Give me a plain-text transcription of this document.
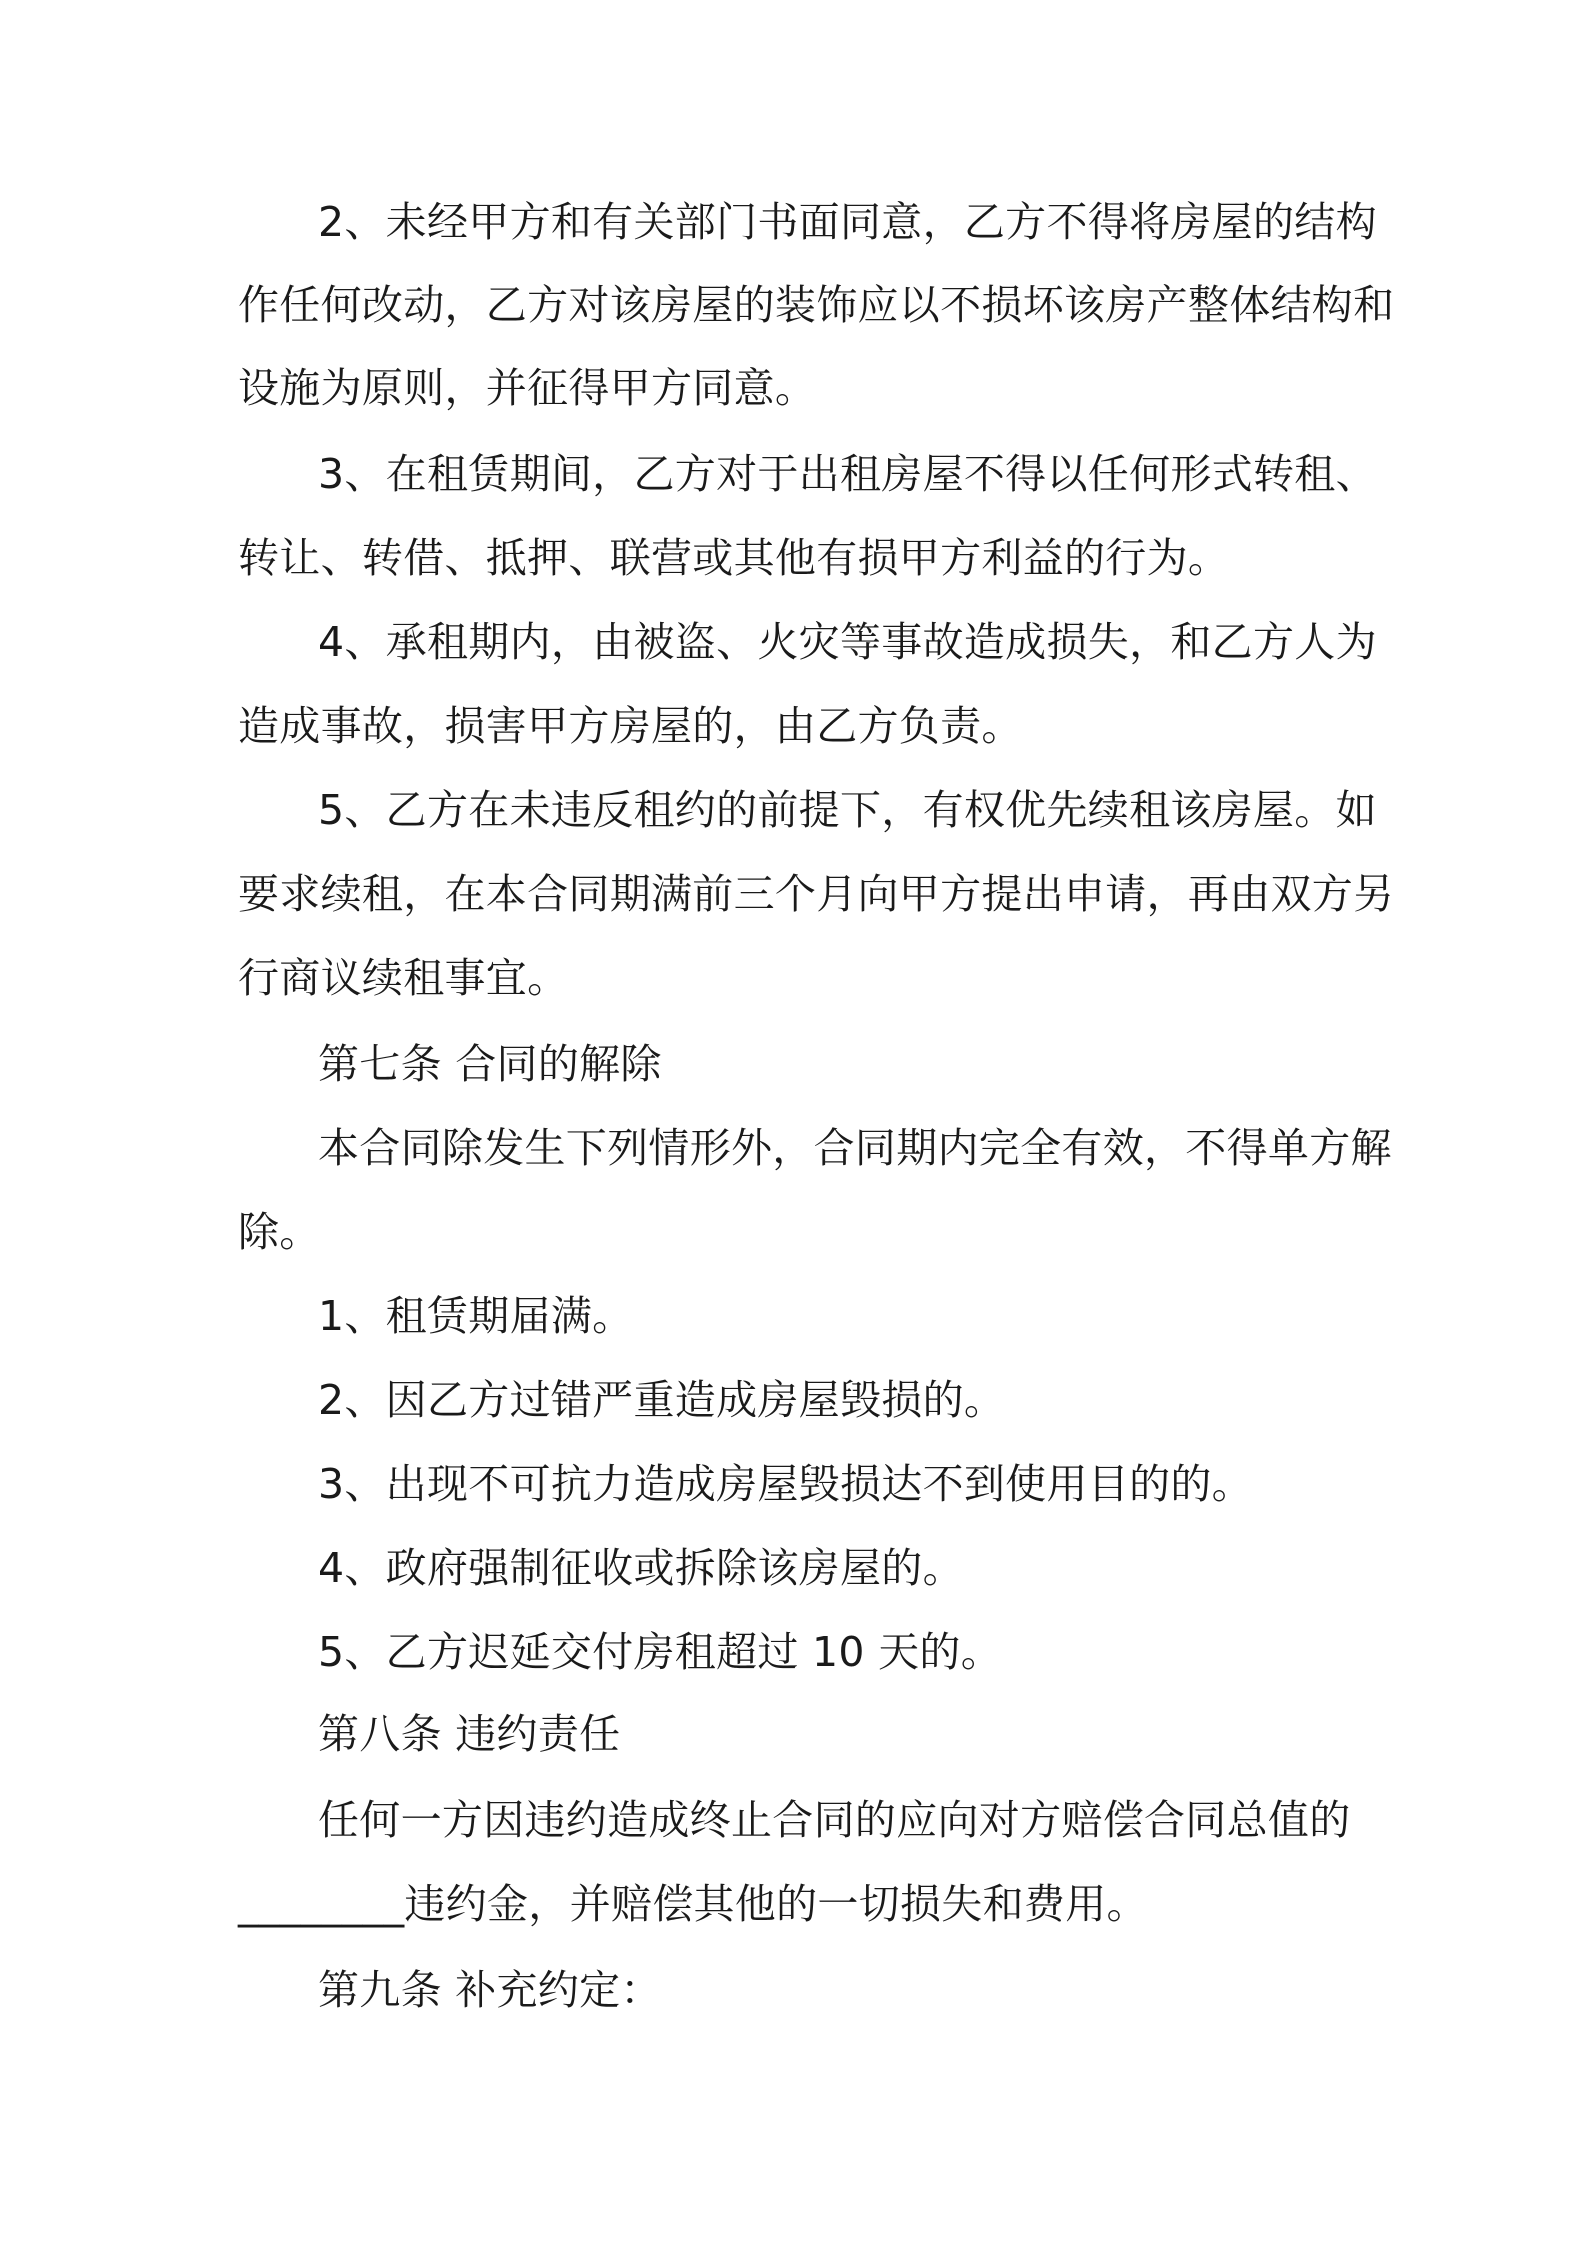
2、未经甲方和有关部门书面同意，乙方不得将房屋的结构
作任何改动，乙方对该房屋的装饰应以不损坏该房产整体结构和
设施为原则，并征得甲方同意。
3、在租赁期间，乙方对于出租房屋不得以任何形式转租、
转让、转借、抵押、联营或其他有损甲方利益的行为。
4、承租期内，由被盗、火灾等事故造成损失，和乙方人为
造成事故，损害甲方房屋的，由乙方负责。
5、乙方在未违反租约的前提下，有权优先续租该房屋。如
要求续租，在本合同期满前三个月向甲方提出申请，再由双方另
行商议续租事宜。
第七条 合同的解除
本合同除发生下列情形外，合同期内完全有效，不得单方解
除。
1、租赁期届满。
2、因乙方过错严重造成房屋毁损的。
3、出现不可抗力造成房屋毁损达不到使用目的的。
4、政府强制征收或拆除该房屋的。
5、乙方迟延交付房租超过 10 天的。
第八条 违约责任
任何一方因违约造成终止合同的应向对方赔偿合同总值的
________违约金，并赔偿其他的一切损失和费用。
第九条 补充约定：
